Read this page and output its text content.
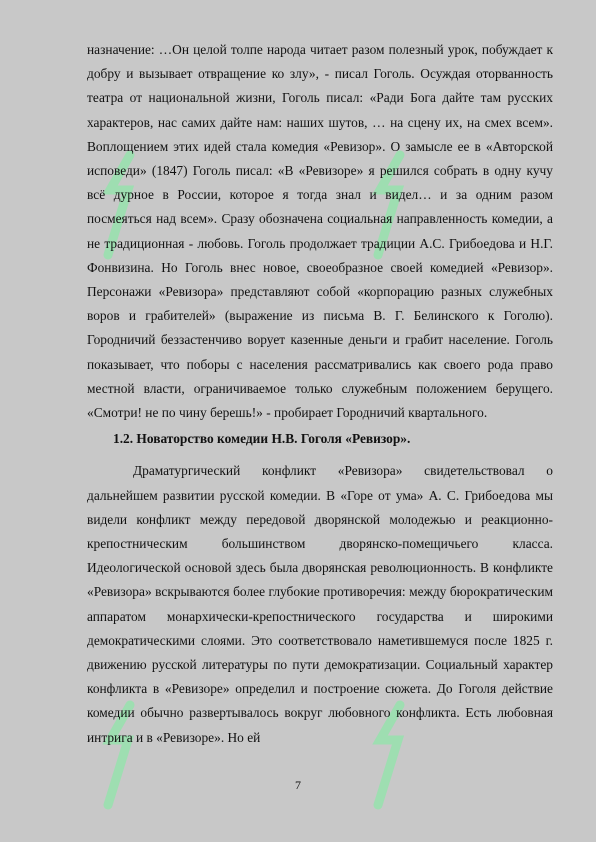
назначение: …Он целой толпе народа читает разом полезный урок, побуждает к добру и вызывает отвращение ко злу», - писал Гоголь. Осуждая оторванность театра от национальной жизни, Гоголь писал: «Ради Бога дайте там русских характеров, нас самих дайте нам: наших шутов, … на сцену их, на смех всем». Воплощением этих идей стала комедия «Ревизор». О замысле ее в «Авторской исповеди» (1847) Гоголь писал: «В «Ревизоре» я решился собрать в одну кучу всё дурное в России, которое я тогда знал и видел… и за одним разом посмеяться над всем». Сразу обозначена социальная направленность комедии, а не традиционная - любовь. Гоголь продолжает традиции А.С. Грибоедова и Н.Г. Фонвизина. Но Гоголь внес новое, своеобразное своей комедией «Ревизор». Персонажи «Ревизора» представляют собой «корпорацию разных служебных воров и грабителей» (выражение из письма В. Г. Белинского к Гоголю). Городничий беззастенчиво ворует казенные деньги и грабит население. Гоголь показывает, что поборы с населения рассматривались как своего рода право местной власти, ограничиваемое только служебным положением берущего. «Смотри! не по чину берешь!» - пробирает Городничий квартального.

1.2. Новаторство комедии Н.В. Гоголя «Ревизор».

Драматургический конфликт «Ревизора» свидетельствовал о дальнейшем развитии русской комедии. В «Горе от ума» А. С. Грибоедова мы видели конфликт между передовой дворянской молодежью и реакционно-крепостническим большинством дворянско-помещичьего класса. Идеологической основой здесь была дворянская революционность. В конфликте «Ревизора» вскрываются более глубокие противоречия: между бюрократическим аппаратом монархически-крепостнического государства и широкими демократическими слоями. Это соответствовало наметившемуся после 1825 г. движению русской литературы по пути демократизации. Социальный характер конфликта в «Ревизоре» определил и построение сюжета. До Гоголя действие комедии обычно развертывалось вокруг любовного конфликта. Есть любовная интрига и в «Ревизоре». Но ей

7
